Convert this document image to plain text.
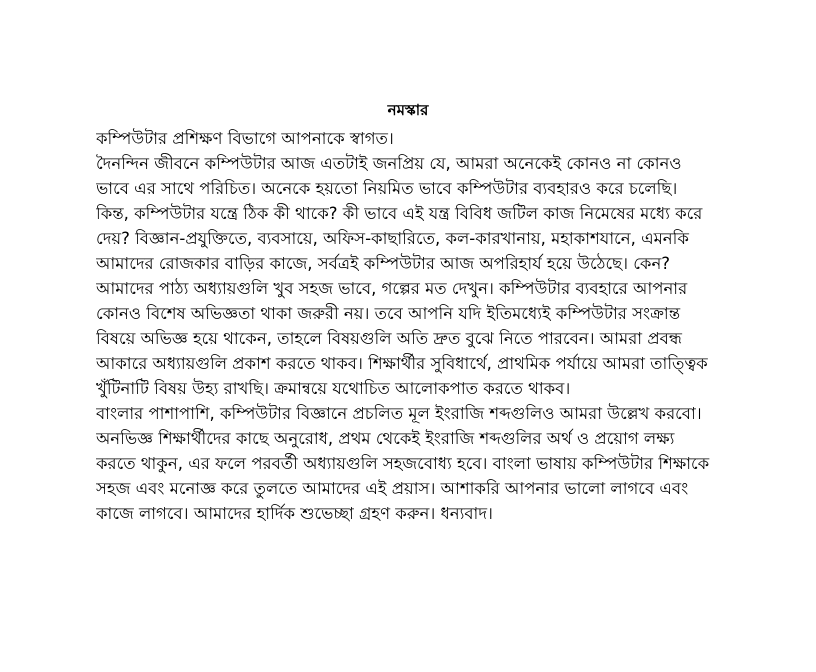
নমস্কার
কম্পিউটার প্রশিক্ষণ বিভাগে আপনাকে স্বাগত।
দৈনন্দিন জীবনে কম্পিউটার আজ এতটাই জনপ্রিয় যে, আমরা অনেকেই কোনও না কোনও
ভাবে এর সাথে পরিচিত। অনেকে হয়তো নিয়মিত ভাবে কম্পিউটার ব্যবহারও করে চলেছি।
কিন্ত, কম্পিউটার যন্ত্রে ঠিক কী থাকে? কী ভাবে এই যন্ত্র বিবিধ জটিল কাজ নিমেষের মধ্যে করে
দেয়? বিজ্ঞান-প্রযুক্তিতে, ব্যবসায়ে, অফিস-কাছারিতে, কল-কারখানায়, মহাকাশযানে, এমনকি
আমাদের রোজকার বাড়ির কাজে, সর্বত্রই কম্পিউটার আজ অপরিহার্য হয়ে উঠেছে। কেন?
আমাদের পাঠ্য অধ্যায়গুলি খুব সহজ ভাবে, গল্পের মত দেখুন। কম্পিউটার ব্যবহারে আপনার
কোনও বিশেষ অভিজ্ঞতা থাকা জরুরী নয়। তবে আপনি যদি ইতিমধ্যেই কম্পিউটার সংক্রান্ত
বিষয়ে অভিজ্ঞ হয়ে থাকেন, তাহলে বিষয়গুলি অতি দ্রুত বুঝে নিতে পারবেন। আমরা প্রবন্ধ
আকারে অধ্যায়গুলি প্রকাশ করতে থাকব। শিক্ষার্থীর সুবিধার্থে, প্রাথমিক পর্যায়ে আমরা তাত্ত্বিক
খুঁটিনাটি বিষয় উহ্য রাখছি। ক্রমান্বয়ে যথোচিত আলোকপাত করতে থাকব।
বাংলার পাশাপাশি, কম্পিউটার বিজ্ঞানে প্রচলিত মূল ইংরাজি শব্দগুলিও আমরা উল্লেখ করবো।
অনভিজ্ঞ শিক্ষার্থীদের কাছে অনুরোধ, প্রথম থেকেই ইংরাজি শব্দগুলির অর্থ ও প্রয়োগ লক্ষ্য
করতে থাকুন, এর ফলে পরবর্তী অধ্যায়গুলি সহজবোধ্য হবে। বাংলা ভাষায় কম্পিউটার শিক্ষাকে
সহজ এবং মনোজ্ঞ করে তুলতে আমাদের এই প্রয়াস। আশাকরি আপনার ভালো লাগবে এবং
কাজে লাগবে। আমাদের হার্দিক শুভেচ্ছা গ্রহণ করুন। ধন্যবাদ।
